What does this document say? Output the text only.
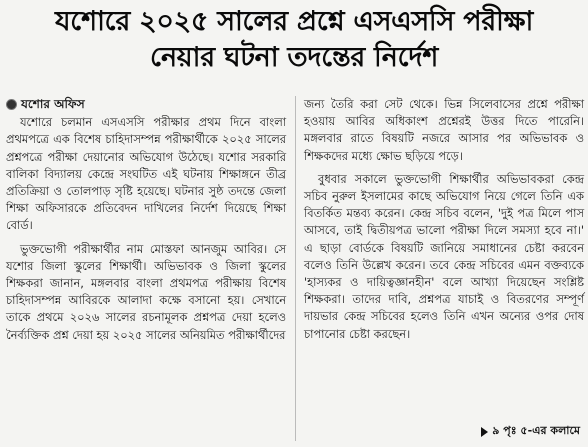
যশোরে ২০২৫ সালের প্রশ্নে এসএসসি পরীক্ষা
নেয়ার ঘটনা তদন্তের নির্দেশ
যশোর অফিস

যশোরে চলমান এসএসসি পরীক্ষার প্রথম দিনে বাংলা প্রথমপত্রে এক বিশেষ চাহিদাসম্পন্ন পরীক্ষার্থীকে ২০২৫ সালের প্রশ্নপত্রে পরীক্ষা দেয়ানোর অভিযোগ উঠেছে। যশোর সরকারি বালিকা বিদ্যালয় কেন্দ্রে সংঘটিত এই ঘটনায় শিক্ষাঙ্গনে তীব্র প্রতিক্রিয়া ও তোলপাড় সৃষ্টি হয়েছে। ঘটনার সুষ্ঠ তদন্তে জেলা শিক্ষা অফিসারকে প্রতিবেদন দাখিলের নির্দেশ দিয়েছে শিক্ষা বোর্ড।

ভুক্তভোগী পরীক্ষার্থীর নাম মোস্তফা আনজুম আবির। সে যশোর জিলা স্কুলের শিক্ষার্থী। অভিভাবক ও জিলা স্কুলের শিক্ষকরা জানান, মঙ্গলবার বাংলা প্রথমপত্র পরীক্ষায় বিশেষ চাহিদাসম্পন্ন আবিরকে আলাদা কক্ষে বসানো হয়। সেখানে তাকে প্রথমে ২০২৬ সালের রচনামূলক প্রশ্নপত্র দেয়া হলেও নৈর্ব্যক্তিক প্রশ্ন দেয়া হয় ২০২৫ সালের অনিয়মিত পরীক্ষার্থীদের

জন্য তৈরি করা সেট থেকে। ভিন্ন সিলেবাসের প্রশ্নে পরীক্ষা হওয়ায় আবির অধিকাংশ প্রশ্নেরই উত্তর দিতে পারেনি। মঙ্গলবার রাতে বিষয়টি নজরে আসার পর অভিভাবক ও শিক্ষকদের মধ্যে ক্ষোভ ছড়িয়ে পড়ে।

বুধবার সকালে ভুক্তভোগী শিক্ষার্থীর অভিভাবকরা কেন্দ্র সচিব নুরুল ইসলামের কাছে অভিযোগ নিয়ে গেলে তিনি এক বিতর্কিত মন্তব্য করেন। কেন্দ্র সচিব বলেন, 'দুই পত্র মিলে পাস আসবে, তাই দ্বিতীয়পত্র ভালো পরীক্ষা দিলে সমস্যা হবে না।' এ ছাড়া বোর্ডকে বিষয়টি জানিয়ে সমাধানের চেষ্টা করবেন বলেও তিনি উল্লেখ করেন। তবে কেন্দ্র সচিবের এমন বক্তব্যকে 'হাস্যকর ও দায়িত্বজ্ঞানহীন' বলে আখ্যা দিয়েছেন সংশ্লিষ্ট শিক্ষকরা। তাদের দাবি, প্রশ্নপত্র যাচাই ও বিতরণের সম্পূর্ণ দায়ভার কেন্দ্র সচিবের হলেও তিনি এখন অন্যের ওপর দোষ চাপানোর চেষ্টা করছেন।

৯ পৃঃ ৫-এর কলামে
